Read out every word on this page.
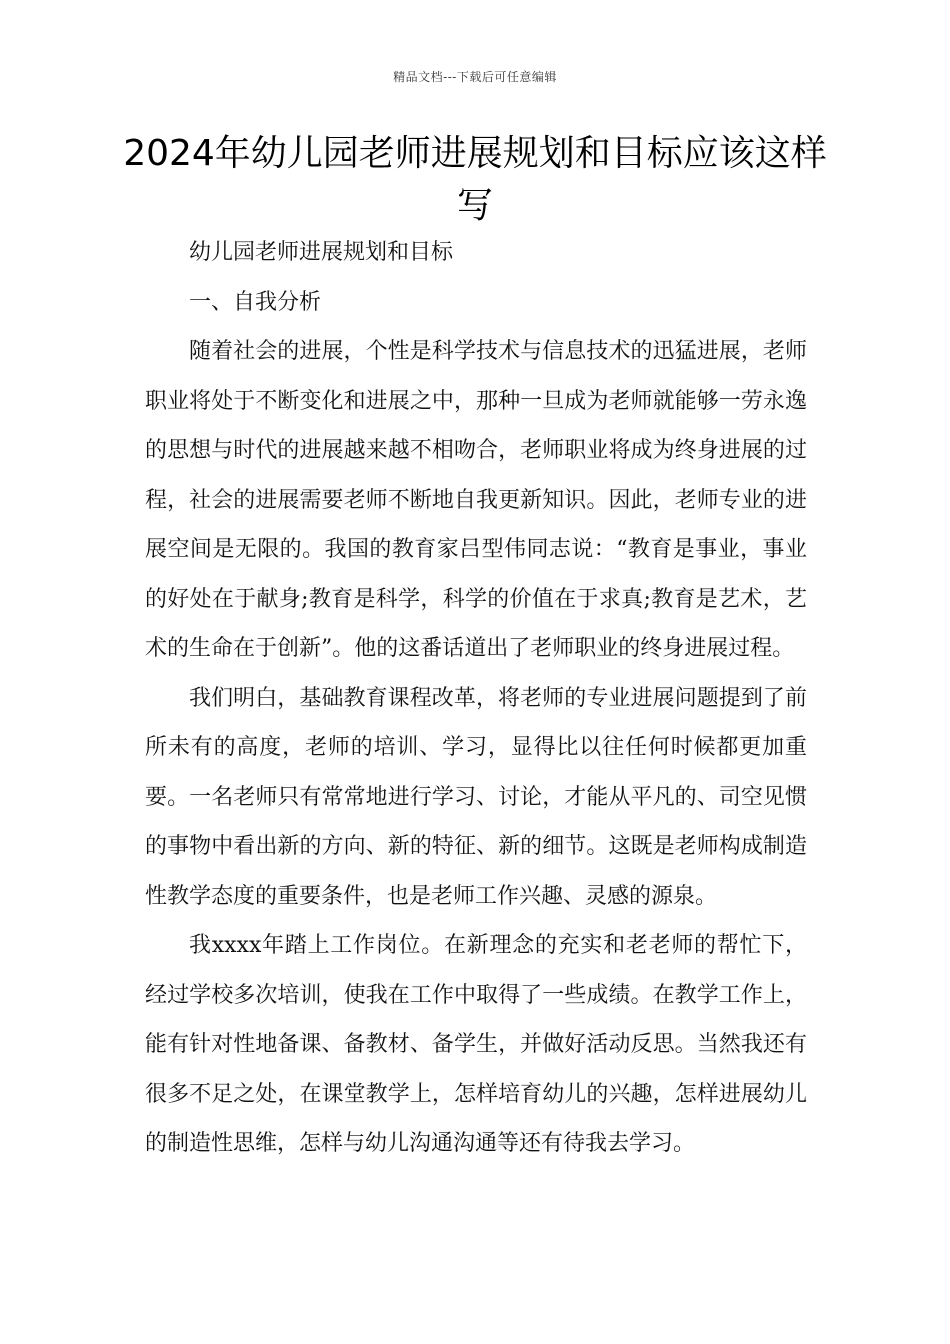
精品文档---下载后可任意编辑
2024年幼儿园老师进展规划和目标应该这样写

幼儿园老师进展规划和目标

一、自我分析

随着社会的进展，个性是科学技术与信息技术的迅猛进展，老师职业将处于不断变化和进展之中，那种一旦成为老师就能够一劳永逸的思想与时代的进展越来越不相吻合，老师职业将成为终身进展的过程，社会的进展需要老师不断地自我更新知识。因此，老师专业的进展空间是无限的。我国的教育家吕型伟同志说：“教育是事业，事业的好处在于献身;教育是科学，科学的价值在于求真;教育是艺术，艺术的生命在于创新”。他的这番话道出了老师职业的终身进展过程。

我们明白，基础教育课程改革，将老师的专业进展问题提到了前所未有的高度，老师的培训、学习，显得比以往任何时候都更加重要。一名老师只有常常地进行学习、讨论，才能从平凡的、司空见惯的事物中看出新的方向、新的特征、新的细节。这既是老师构成制造性教学态度的重要条件，也是老师工作兴趣、灵感的源泉。

我xxxx年踏上工作岗位。在新理念的充实和老老师的帮忙下，经过学校多次培训，使我在工作中取得了一些成绩。在教学工作上，能有针对性地备课、备教材、备学生，并做好活动反思。当然我还有很多不足之处，在课堂教学上，怎样培育幼儿的兴趣，怎样进展幼儿的制造性思维，怎样与幼儿沟通沟通等还有待我去学习。
